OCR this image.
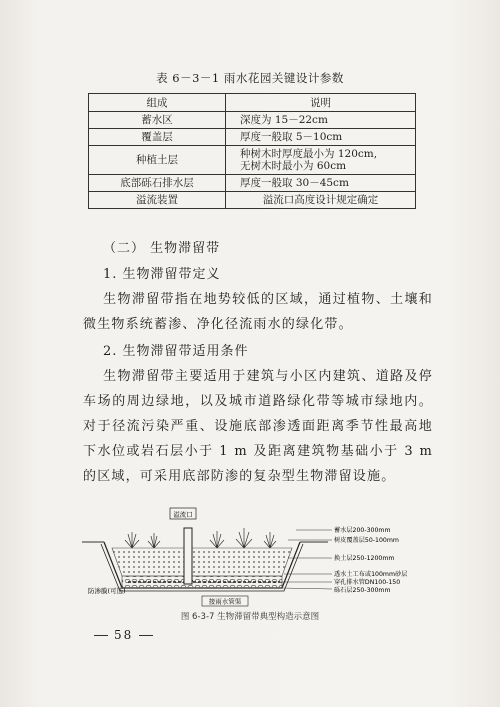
表 6－3－1 雨水花园关键设计参数
组成	说明
蓄水区	深度为 15－22cm
覆盖层	厚度一般取 5－10cm
种植土层	种树木时厚度最小为 120cm,
无树木时最小为 60cm

底部砾石排水层	厚度一般取 30－45cm
溢流装置	溢流口高度设计规定确定
（二） 生物滞留带
1. 生物滞留带定义
生物滞留带指在地势较低的区域，通过植物、土壤和微生物系统蓄渗、净化径流雨水的绿化带。
2. 生物滞留带适用条件
生物滞留带主要适用于建筑与小区内建筑、道路及停车场的周边绿地，以及城市道路绿化带等城市绿地内。对于径流污染严重、设施底部渗透面距离季节性最高地下水位或岩石层小于 1 m 及距离建筑物基础小于 3 m 的区域，可采用底部防渗的复杂型生物滞留设施。
溢流口
防渗膜(可选)
接雨水管渠
蓄水层200-300mm
树皮覆盖层50-100mm
换土层250-1200mm
透水土工布或100mm砂层
穿孔排水管DN100-150
砾石层250-300mm
图 6-3-7 生物滞留带典型构造示意图
58
